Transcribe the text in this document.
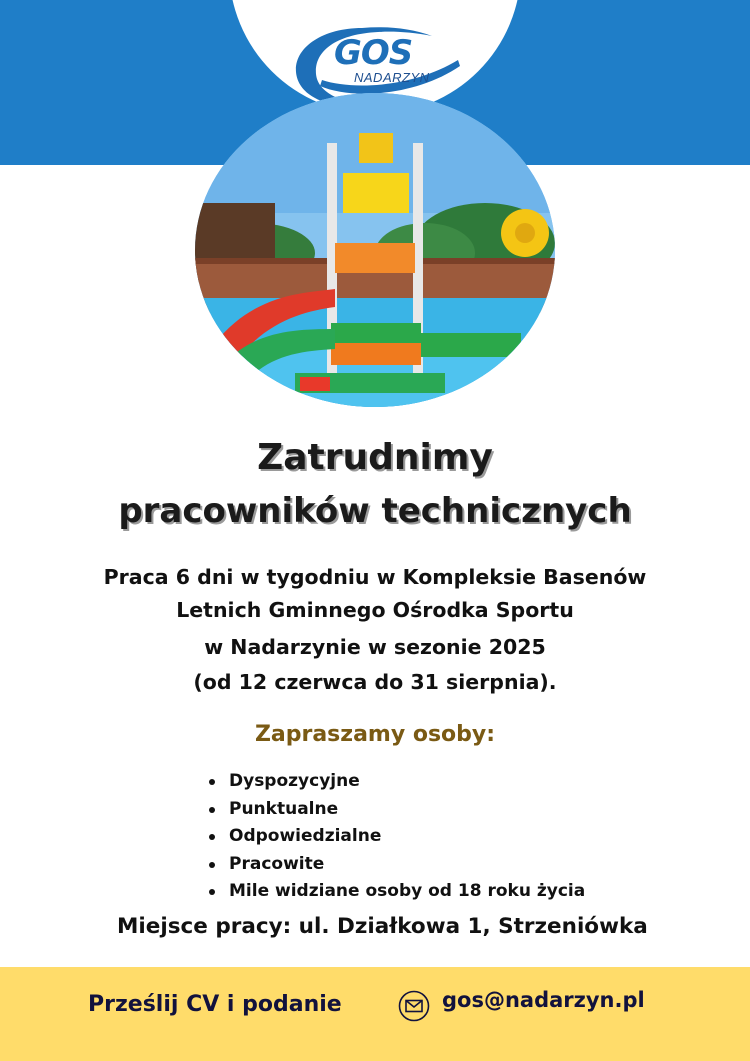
GOS
NADARZYN
Zatrudnimy
pracowników technicznych
Praca 6 dni w tygodniu w Kompleksie Basenów
Letnich Gminnego Ośrodka Sportu
w Nadarzynie w sezonie 2025
(od 12 czerwca do 31 sierpnia).
Zapraszamy osoby:
Dyspozycyjne
Punktualne
Odpowiedzialne
Pracowite
Mile widziane osoby od 18 roku życia
Miejsce pracy: ul. Działkowa 1, Strzeniówka
Prześlij CV i podanie	gos@nadarzyn.pl
